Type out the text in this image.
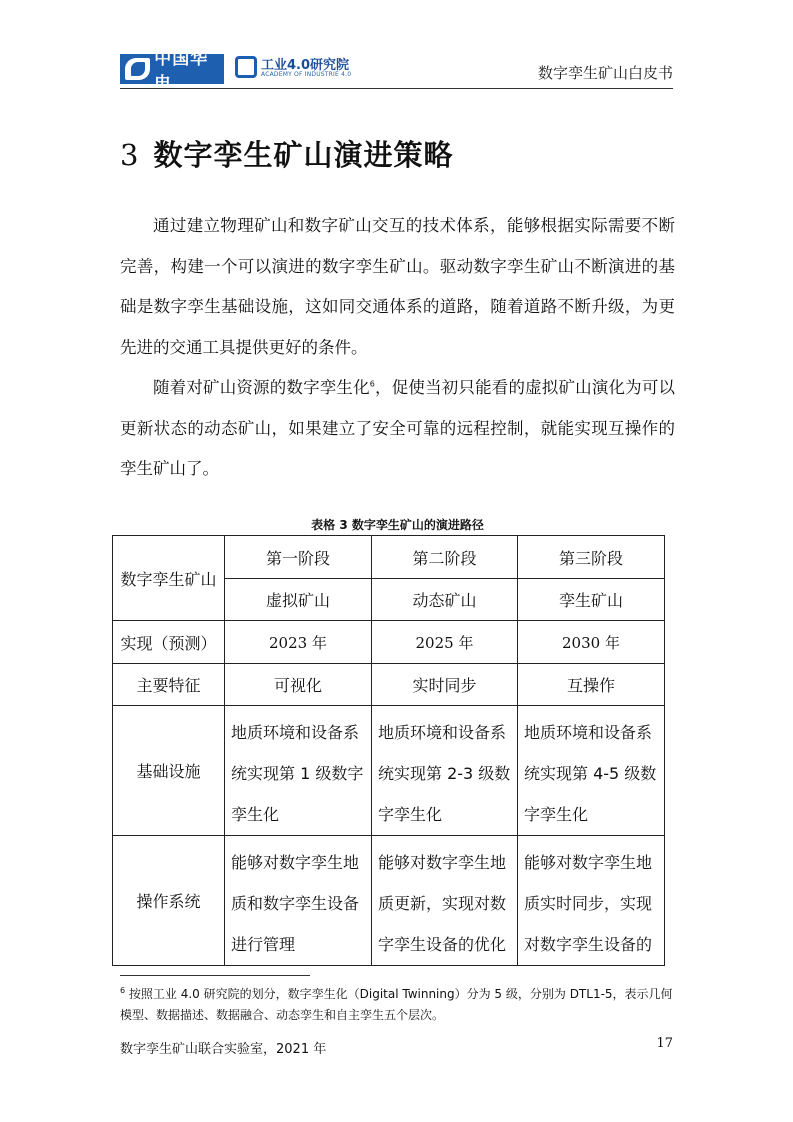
中国华电
工业4.0研究院
ACADEMY OF INDUSTRIE 4.0	数字孪生矿山白皮书
3 数字孪生矿山演进策略

通过建立物理矿山和数字矿山交互的技术体系，能够根据实际需要不断完善，构建一个可以演进的数字孪生矿山。驱动数字孪生矿山不断演进的基础是数字孪生基础设施，这如同交通体系的道路，随着道路不断升级，为更先进的交通工具提供更好的条件。

随着对矿山资源的数字孪生化$^6$，促使当初只能看的虚拟矿山演化为可以更新状态的动态矿山，如果建立了安全可靠的远程控制，就能实现互操作的孪生矿山了。

表格 3 数字孪生矿山的演进路径
数字孪生矿山	第一阶段	第二阶段	第三阶段
	虚拟矿山	动态矿山	孪生矿山
实现（预测）	2023 年	2025 年	2030 年
主要特征	可视化	实时同步	互操作
基础设施	地质环境和设备系统实现第 1 级数字孪生化	地质环境和设备系统实现第 2-3 级数字孪生化	地质环境和设备系统实现第 4-5 级数字孪生化
操作系统	能够对数字孪生地质和数字孪生设备进行管理	能够对数字孪生地质更新，实现对数字孪生设备的优化	能够对数字孪生地质实时同步，实现对数字孪生设备的
$^6$ 按照工业 4.0 研究院的划分，数字孪生化（Digital Twinning）分为 5 级，分别为 DTL1-5，表示几何模型、数据描述、数据融合、动态孪生和自主孪生五个层次。
数字孪生矿山联合实验室，2021 年	17
